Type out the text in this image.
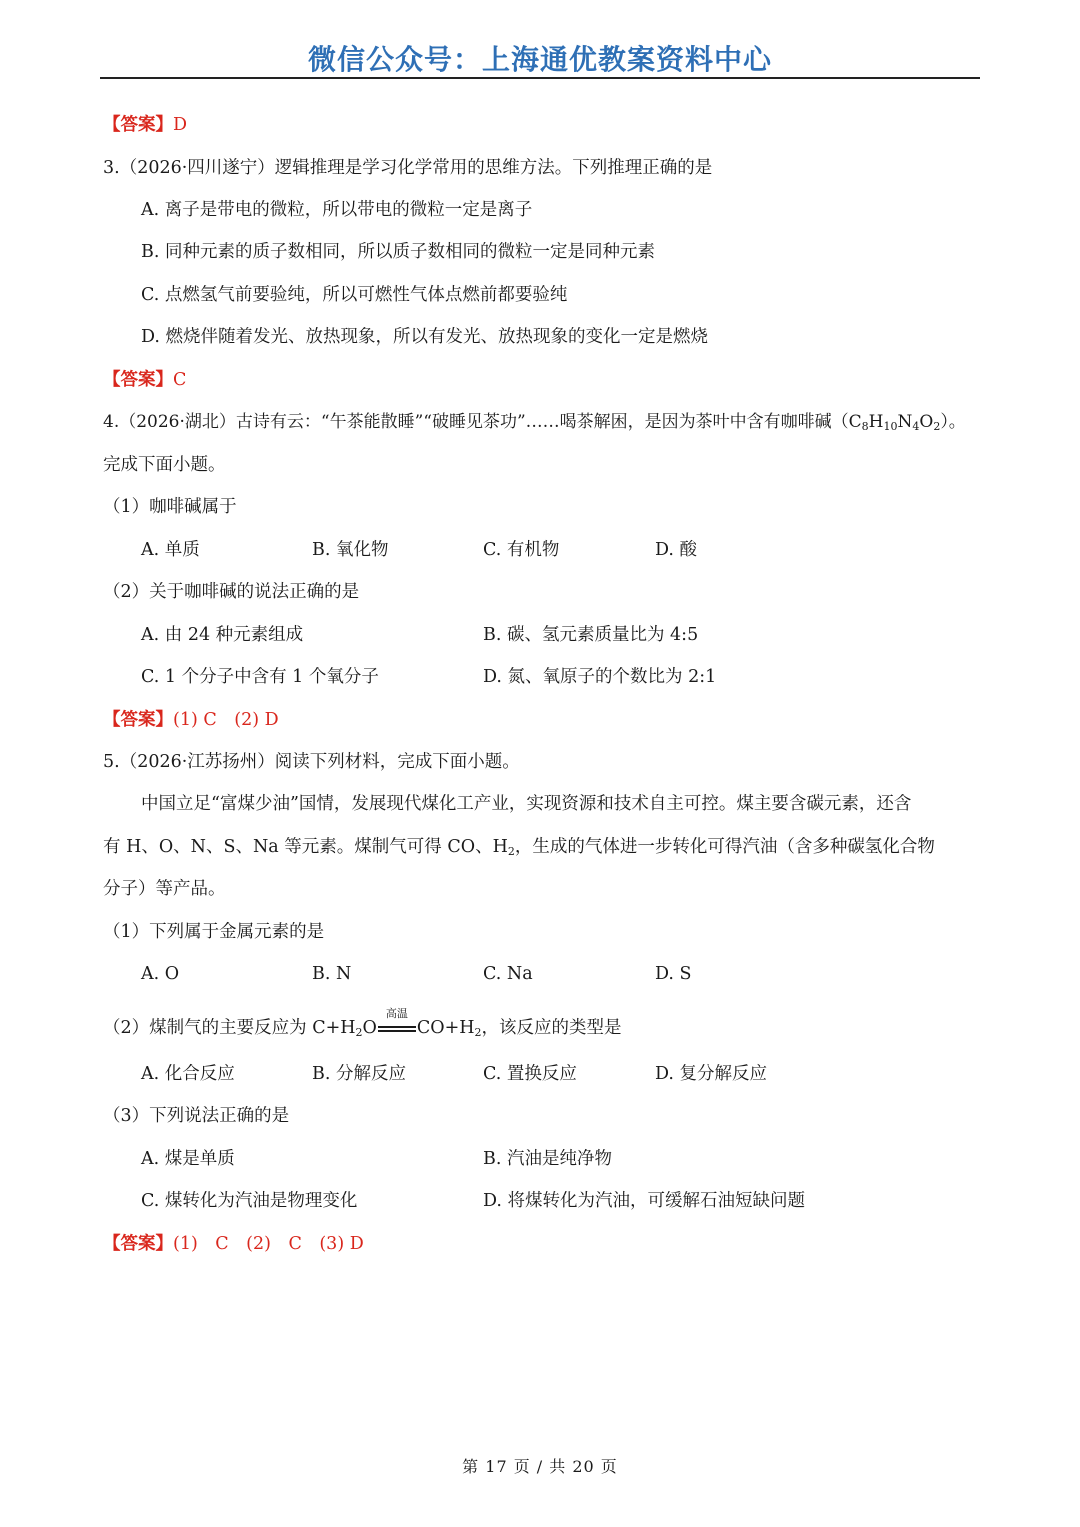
微信公众号：上海通优教案资料中心
【答案】D
3.（2026·四川遂宁）逻辑推理是学习化学常用的思维方法。下列推理正确的是
A. 离子是带电的微粒，所以带电的微粒一定是离子
B. 同种元素的质子数相同，所以质子数相同的微粒一定是同种元素
C. 点燃氢气前要验纯，所以可燃性气体点燃前都要验纯
D. 燃烧伴随着发光、放热现象，所以有发光、放热现象的变化一定是燃烧
【答案】C
4.（2026·湖北）古诗有云：“午茶能散睡”“破睡见茶功”……喝茶解困，是因为茶叶中含有咖啡碱$(C_8H_{10}N_4O_2)$。
完成下面小题。
（1）咖啡碱属于
A. 单质	B. 氧化物	C. 有机物	D. 酸
（2）关于咖啡碱的说法正确的是
A. 由 24 种元素组成	B. 碳、氢元素质量比为 4:5
C. 1 个分子中含有 1 个氧分子	D. 氮、氧原子的个数比为 2:1
【答案】(1) C　(2) D
5.（2026·江苏扬州）阅读下列材料，完成下面小题。
中国立足“富煤少油”国情，发展现代煤化工产业，实现资源和技术自主可控。煤主要含碳元素，还含
有 H、O、N、S、Na 等元素。煤制气可得 CO、$H_2$，生成的气体进一步转化可得汽油（含多种碳氢化合物
分子）等产品。
（1）下列属于金属元素的是
A. O	B. N	C. Na	D. S
（2）煤制气的主要反应为 $C+H_2O$
高温
$CO+H_2$，该反应的类型是
A. 化合反应	B. 分解反应	C. 置换反应	D. 复分解反应
（3）下列说法正确的是
A. 煤是单质	B. 汽油是纯净物
C. 煤转化为汽油是物理变化	D. 将煤转化为汽油，可缓解石油短缺问题
【答案】(1)　C　(2)　C　(3) D
第 17 页 / 共 20 页
